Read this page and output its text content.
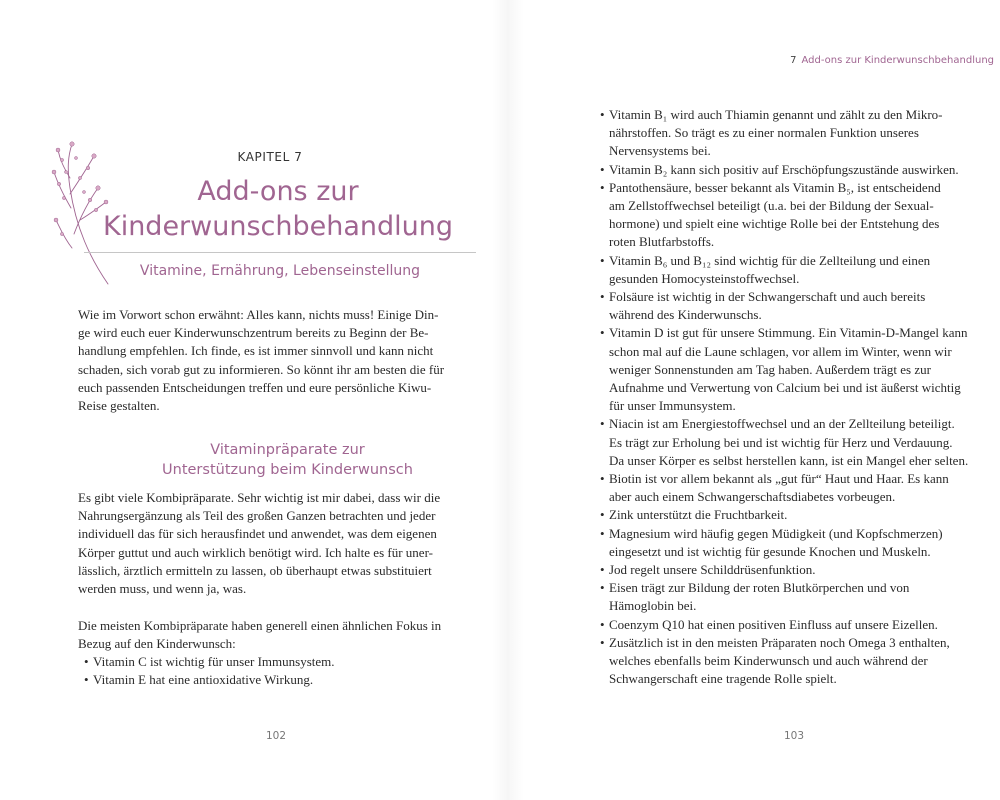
KAPITEL 7
Add-ons zur
Kinderwunschbehandlung
Vitamine, Ernährung, Lebenseinstellung
Wie im Vorwort schon erwähnt: Alles kann, nichts muss! Einige Din-
ge wird euch euer Kinderwunschzentrum bereits zu Beginn der Be-
handlung empfehlen. Ich finde, es ist immer sinnvoll und kann nicht
schaden, sich vorab gut zu informieren. So könnt ihr am besten die für
euch passenden Entscheidungen treffen und eure persönliche Kiwu-
Reise gestalten.
Vitaminpräparate zur
Unterstützung beim Kinderwunsch
Es gibt viele Kombipräparate. Sehr wichtig ist mir dabei, dass wir die
Nahrungsergänzung als Teil des großen Ganzen betrachten und jeder
individuell das für sich herausfindet und anwendet, was dem eigenen
Körper guttut und auch wirklich benötigt wird. Ich halte es für uner-
lässlich, ärztlich ermitteln zu lassen, ob überhaupt etwas substituiert
werden muss, und wenn ja, was.
Die meisten Kombipräparate haben generell einen ähnlichen Fokus in
Bezug auf den Kinderwunsch:
• Vitamin C ist wichtig für unser Immunsystem.
• Vitamin E hat eine antioxidative Wirkung.
102
7 Add-ons zur Kinderwunschbehandlung
• Vitamin B₁ wird auch Thiamin genannt und zählt zu den Mikro-
nährstoffen. So trägt es zu einer normalen Funktion unseres
Nervensystems bei.
• Vitamin B₂ kann sich positiv auf Erschöpfungszustände auswirken.
• Pantothensäure, besser bekannt als Vitamin B₅, ist entscheidend
am Zellstoffwechsel beteiligt (u.a. bei der Bildung der Sexual-
hormone) und spielt eine wichtige Rolle bei der Entstehung des
roten Blutfarbstoffs.
• Vitamin B₆ und B₁₂ sind wichtig für die Zellteilung und einen
gesunden Homocysteinstoffwechsel.
• Folsäure ist wichtig in der Schwangerschaft und auch bereits
während des Kinderwunschs.
• Vitamin D ist gut für unsere Stimmung. Ein Vitamin-D-Mangel kann
schon mal auf die Laune schlagen, vor allem im Winter, wenn wir
weniger Sonnenstunden am Tag haben. Außerdem trägt es zur
Aufnahme und Verwertung von Calcium bei und ist äußerst wichtig
für unser Immunsystem.
• Niacin ist am Energiestoffwechsel und an der Zellteilung beteiligt.
Es trägt zur Erholung bei und ist wichtig für Herz und Verdauung.
Da unser Körper es selbst herstellen kann, ist ein Mangel eher selten.
• Biotin ist vor allem bekannt als „gut für“ Haut und Haar. Es kann
aber auch einem Schwangerschaftsdiabetes vorbeugen.
• Zink unterstützt die Fruchtbarkeit.
• Magnesium wird häufig gegen Müdigkeit (und Kopfschmerzen)
eingesetzt und ist wichtig für gesunde Knochen und Muskeln.
• Jod regelt unsere Schilddrüsenfunktion.
• Eisen trägt zur Bildung der roten Blutkörperchen und von
Hämoglobin bei.
• Coenzym Q10 hat einen positiven Einfluss auf unsere Eizellen.
• Zusätzlich ist in den meisten Präparaten noch Omega 3 enthalten,
welches ebenfalls beim Kinderwunsch und auch während der
Schwangerschaft eine tragende Rolle spielt.
103
